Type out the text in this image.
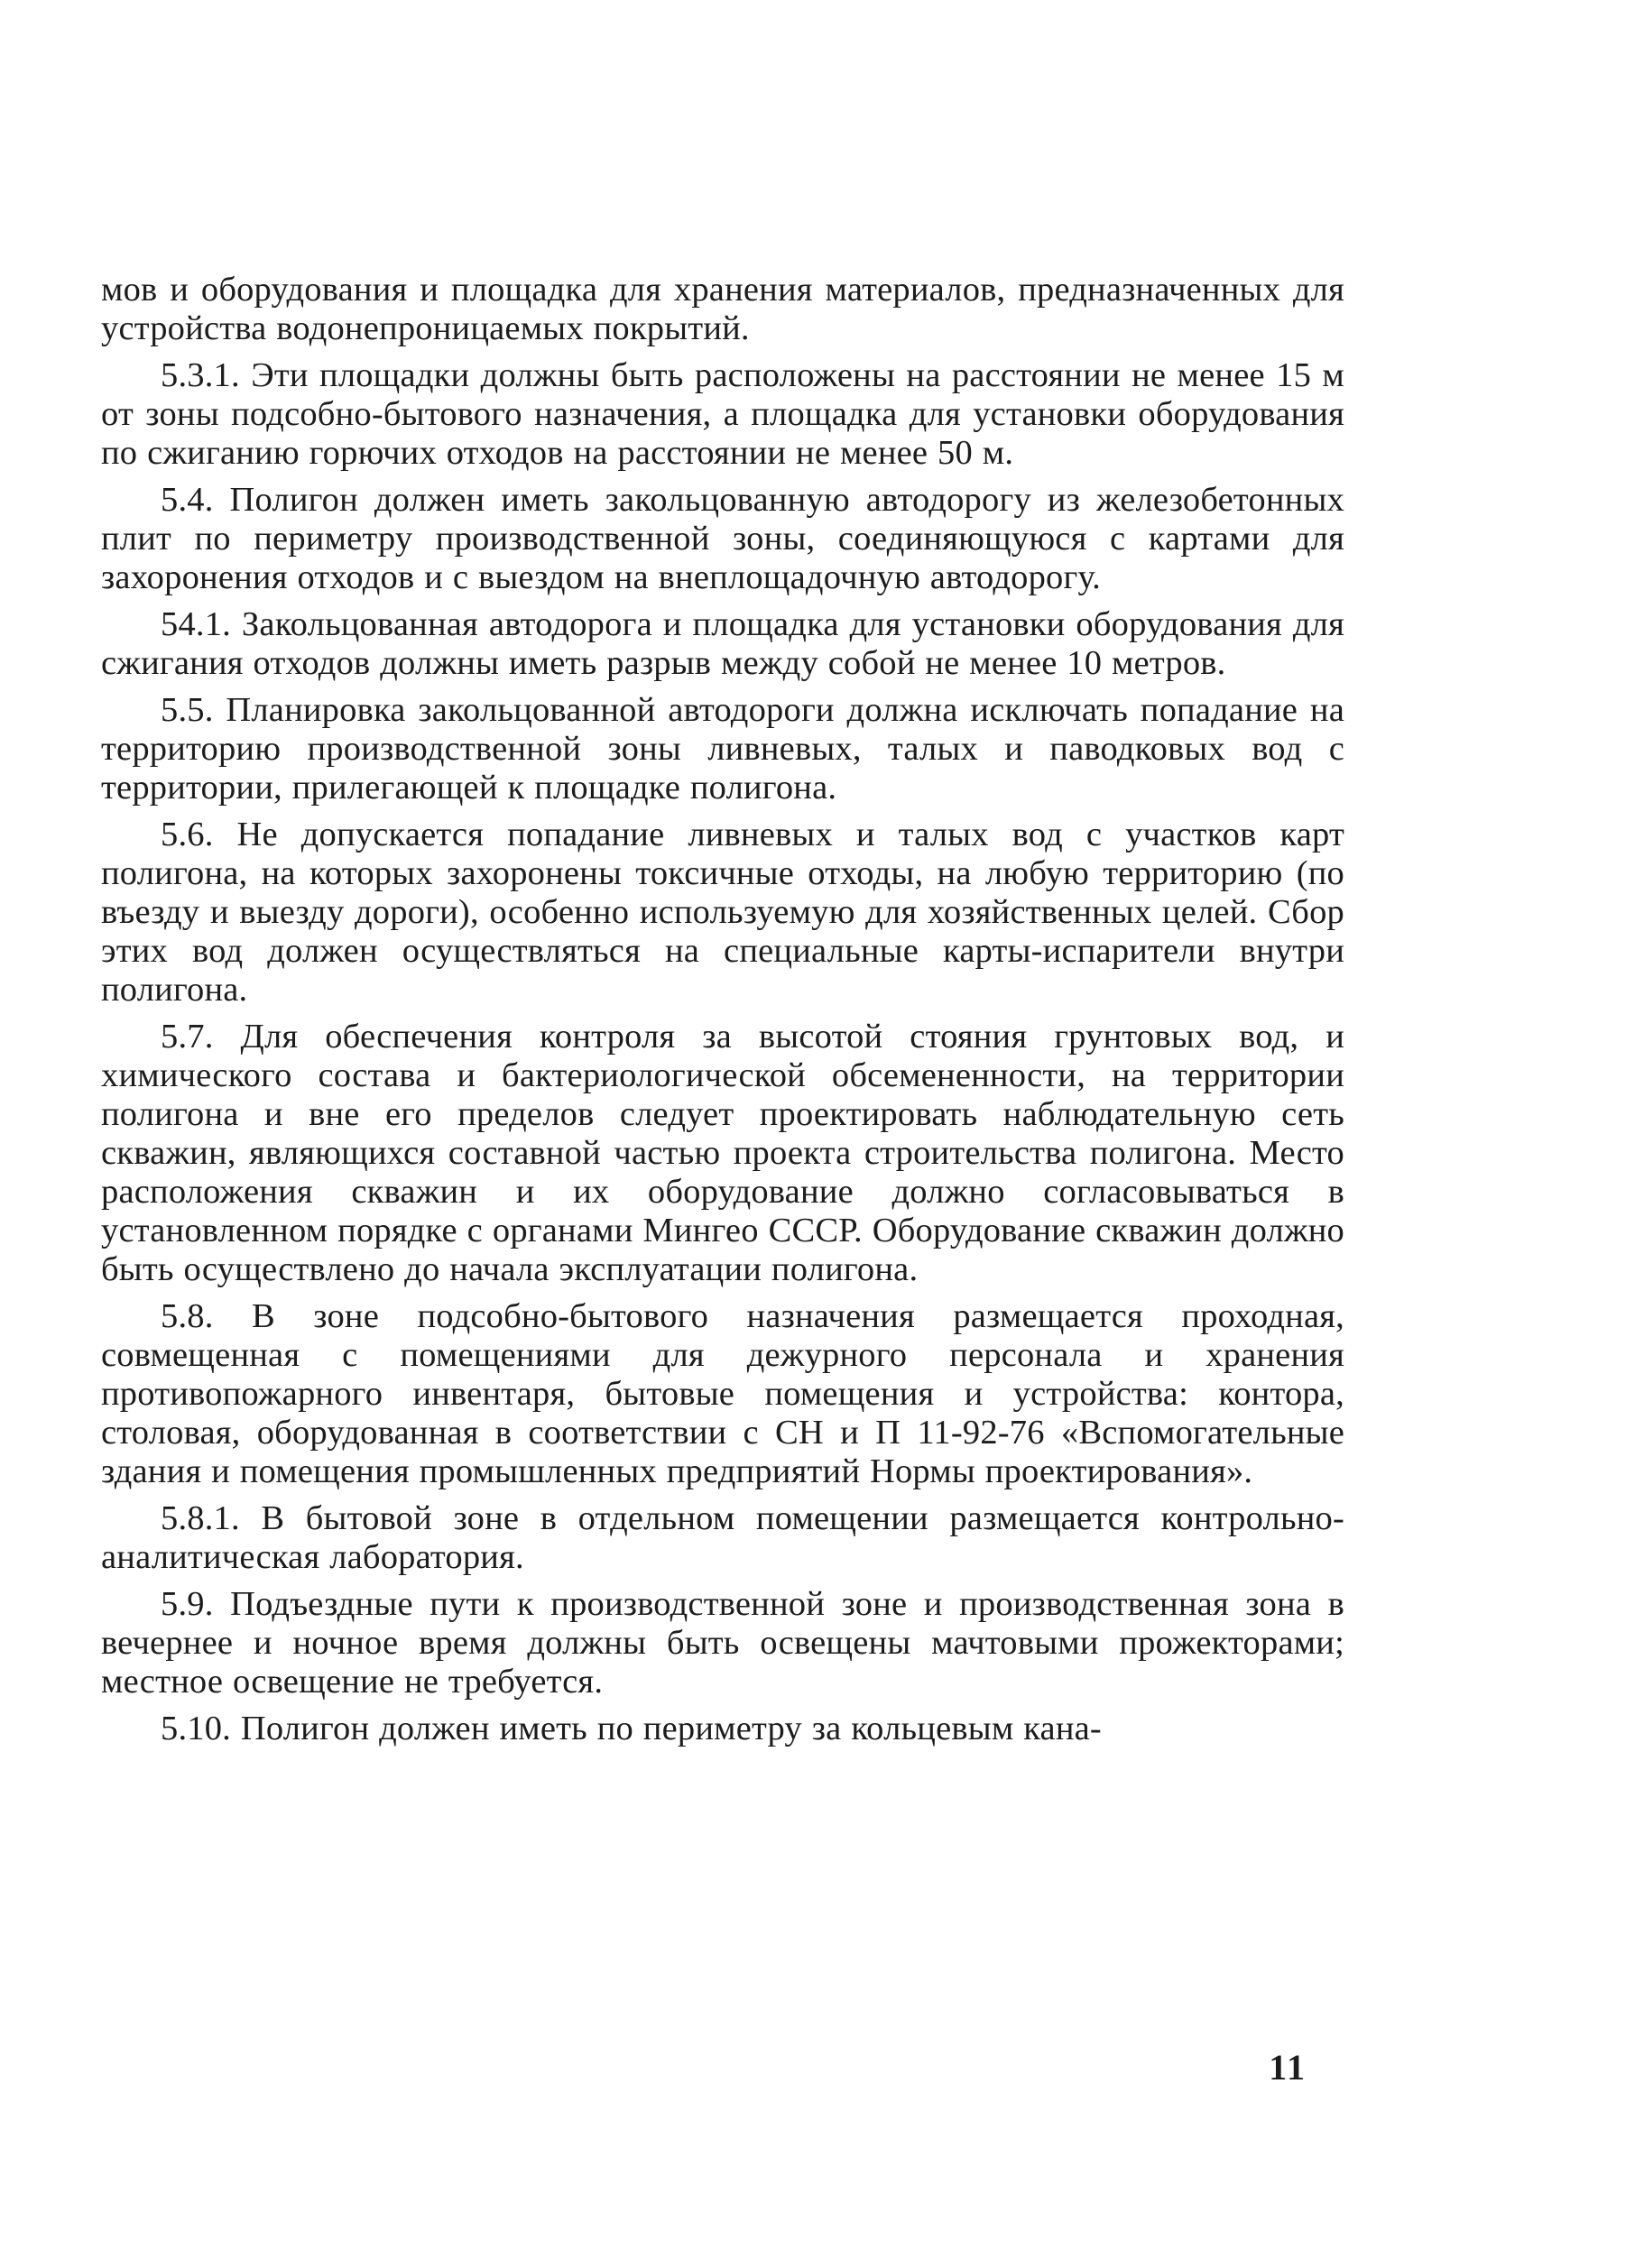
мов и оборудования и площадка для хранения материалов, предназначенных для устройства водонепроницаемых покрытий.

5.3.1. Эти площадки должны быть расположены на расстоянии не менее 15 м от зоны подсобно-бытового назначения, а площадка для установки оборудования по сжиганию горючих отходов на расстоянии не менее 50 м.

5.4. Полигон должен иметь закольцованную автодорогу из железобетонных плит по периметру производственной зоны, соединяющуюся с картами для захоронения отходов и с выездом на внеплощадочную автодорогу.

54.1. Закольцованная автодорога и площадка для установки оборудования для сжигания отходов должны иметь разрыв между собой не менее 10 метров.

5.5. Планировка закольцованной автодороги должна исключать попадание на территорию производственной зоны ливневых, талых и паводковых вод с территории, прилегающей к площадке полигона.

5.6. Не допускается попадание ливневых и талых вод с участков карт полигона, на которых захоронены токсичные отходы, на любую территорию (по въезду и выезду дороги), особенно используемую для хозяйственных целей. Сбор этих вод должен осуществляться на специальные карты-испарители внутри полигона.

5.7. Для обеспечения контроля за высотой стояния грунтовых вод, и химического состава и бактериологической обсемененности, на территории полигона и вне его пределов следует проектировать наблюдательную сеть скважин, являющихся составной частью проекта строительства полигона. Место расположения скважин и их оборудование должно согласовываться в установленном порядке с органами Мингео СССР. Оборудование скважин должно быть осуществлено до начала эксплуатации полигона.

5.8. В зоне подсобно-бытового назначения размещается проходная, совмещенная с помещениями для дежурного персонала и хранения противопожарного инвентаря, бытовые помещения и устройства: контора, столовая, оборудованная в соответствии с СН и П 11-92-76 «Вспомогательные здания и помещения промышленных предприятий Нормы проектирования».

5.8.1. В бытовой зоне в отдельном помещении размещается контрольно-аналитическая лаборатория.

5.9. Подъездные пути к производственной зоне и производственная зона в вечернее и ночное время должны быть освещены мачтовыми прожекторами; местное освещение не требуется.

5.10. Полигон должен иметь по периметру за кольцевым кана-

11
